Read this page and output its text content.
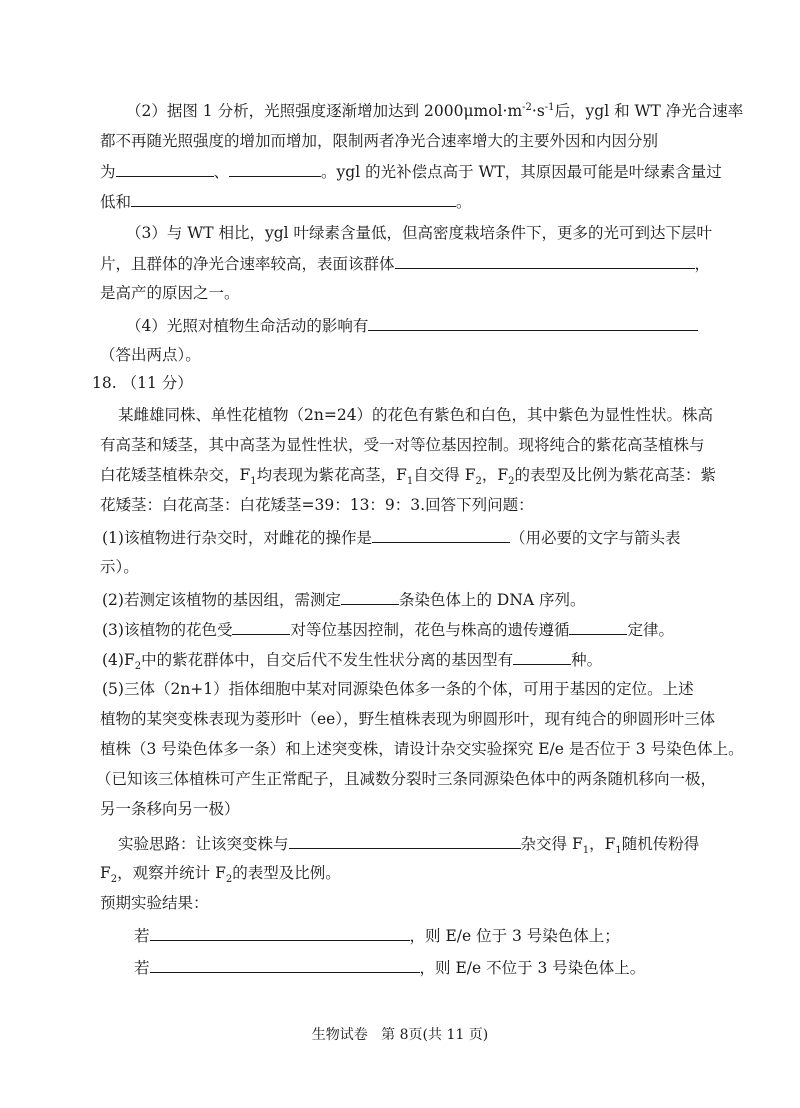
（2）据图 1 分析，光照强度逐渐增加达到 $2000\mu mol\cdot m^{-2}\cdot s^{-1}$后，ygl 和 WT 净光合速率
都不再随光照强度的增加而增加，限制两者净光合速率增大的主要外因和内因分别
为	、	。ygl 的光补偿点高于 WT，其原因最可能是叶绿素含量过
低和	。
（3）与 WT 相比，ygl 叶绿素含量低，但高密度栽培条件下，更多的光可到达下层叶
片，且群体的净光合速率较高，表面该群体	，
是高产的原因之一。
（4）光照对植物生命活动的影响有
（答出两点）。
18. （11 分）
某雌雄同株、单性花植物（2n=24）的花色有紫色和白色，其中紫色为显性性状。株高
有高茎和矮茎，其中高茎为显性性状，受一对等位基因控制。现将纯合的紫花高茎植株与
白花矮茎植株杂交，$F_1$均表现为紫花高茎，$F_1$自交得 $F_2$，$F_2$的表型及比例为紫花高茎：紫
花矮茎：白花高茎：白花矮茎=39：13：9：3.回答下列问题：
(1)该植物进行杂交时，对雌花的操作是	（用必要的文字与箭头表
示）。
(2)若测定该植物的基因组，需测定	条染色体上的 DNA 序列。
(3)该植物的花色受	对等位基因控制，花色与株高的遗传遵循	定律。
$(4)F_2$中的紫花群体中，自交后代不发生性状分离的基因型有	种。
(5)三体（2n+1）指体细胞中某对同源染色体多一条的个体，可用于基因的定位。上述
植物的某突变株表现为菱形叶（ee），野生植株表现为卵圆形叶，现有纯合的卵圆形叶三体
植株（3 号染色体多一条）和上述突变株，请设计杂交实验探究 E/e 是否位于 3 号染色体上。
（已知该三体植株可产生正常配子，且减数分裂时三条同源染色体中的两条随机移向一极，
另一条移向另一极）
实验思路：让该突变株与	杂交得 $F_1$，$F_1$随机传粉得
$F_2$，观察并统计 $F_2$的表型及比例。
预期实验结果：
若	，则 E/e 位于 3 号染色体上；
若	，则 E/e 不位于 3 号染色体上。
生物试卷 第 8页(共 11 页)
